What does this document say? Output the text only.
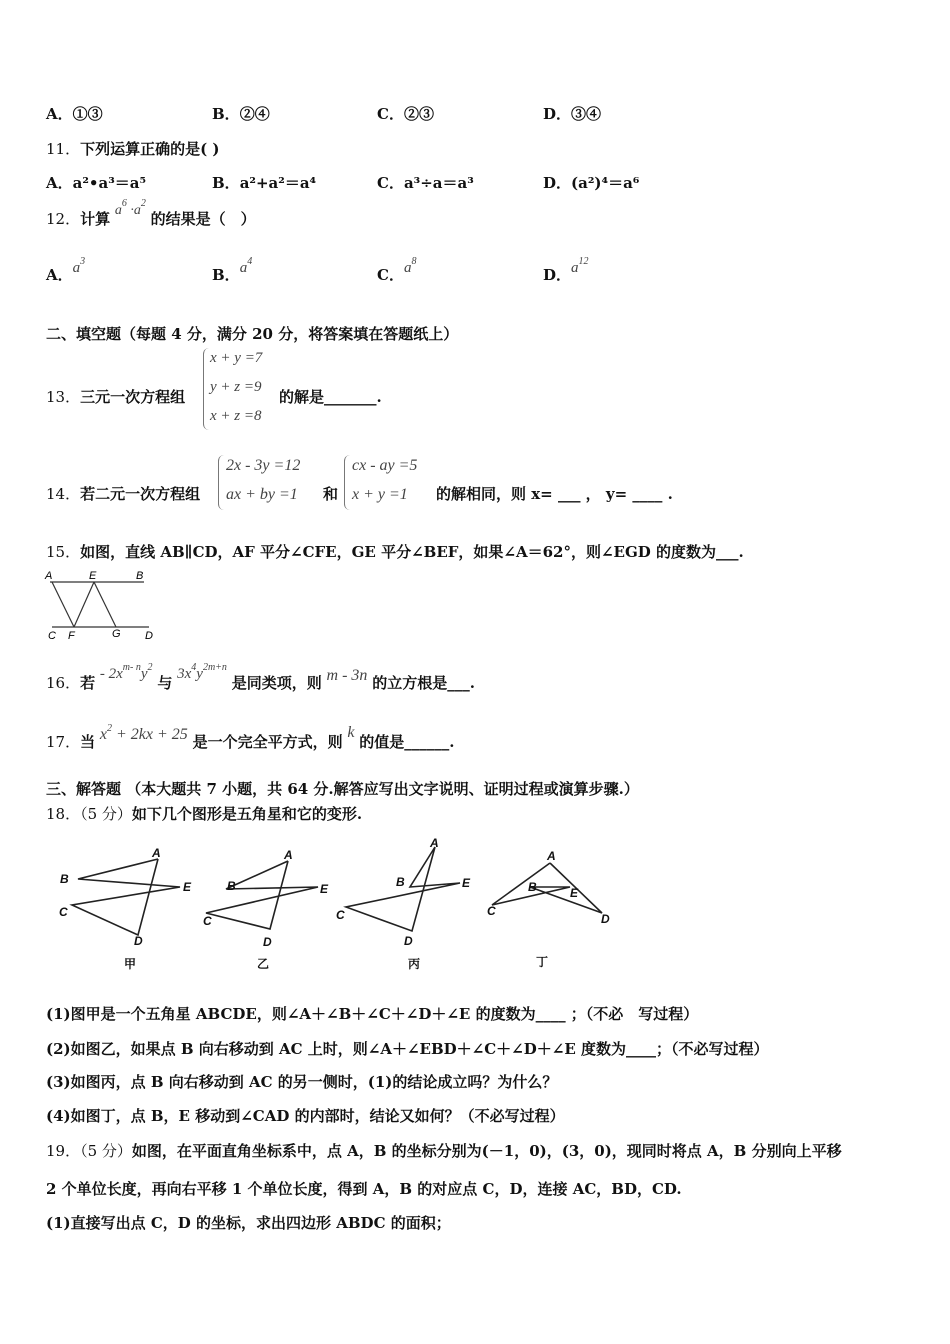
A．①③	B．②④	C．②③	D．③④
11．下列运算正确的是( )
A．a²•a³＝a⁵	B．a²+a²＝a⁴	C．a³÷a＝a³	D．(a²)⁴＝a⁶
12．计算 $a^6 \cdot a^2$ 的结果是（　）
A．$a^3$
B．$a^4$
C．$a^8$
D．$a^{12}$
二、填空题（每题 4 分，满分 20 分，将答案填在答题纸上）
13．三元一次方程组
x + y =7
y + z =9
x + z =8
的解是_______.
14．若二元一次方程组
2x - 3y =12
ax + by =1 和
cx - ay =5
x + y =1 的解相同，则 x= ___ ， y= ____ .
15．如图，直线 AB∥CD，AF 平分∠CFE，GE 平分∠BEF，如果∠A＝62°，则∠EGD 的度数为___.
A	E	B
C F	G D
16．若 - $2x^{m- n}y^2$ 与 $3x^4y^{2m+n}$ 是同类项，则 m - 3n 的立方根是___.
17．当 $x^2 + 2kx + 25$ 是一个完全平方式，则 k 的值是______.
三、解答题 （本大题共 7 小题，共 64 分.解答应写出文字说明、证明过程或演算步骤.）
18．（5 分）如下几个图形是五角星和它的变形.
A
B
C
D
E
A
B
C
D
E
A
B
C
D
E
A
B
C
D
E
甲	乙	丙	丁
(1)图甲是一个五角星 ABCDE，则∠A＋∠B＋∠C＋∠D＋∠E 的度数为____ ；（不必　写过程）
(2)如图乙，如果点 B 向右移动到 AC 上时，则∠A＋∠EBD＋∠C＋∠D＋∠E 度数为____；（不必写过程）
(3)如图丙，点 B 向右移动到 AC 的另一侧时，(1)的结论成立吗？为什么？
(4)如图丁，点 B，E 移动到∠CAD 的内部时，结论又如何？（不必写过程）
19．（5 分）如图，在平面直角坐标系中，点 A，B 的坐标分别为(－1，0)，(3，0)，现同时将点 A，B 分别向上平移
2 个单位长度，再向右平移 1 个单位长度，得到 A，B 的对应点 C，D，连接 AC，BD，CD.
(1)直接写出点 C，D 的坐标，求出四边形 ABDC 的面积；
